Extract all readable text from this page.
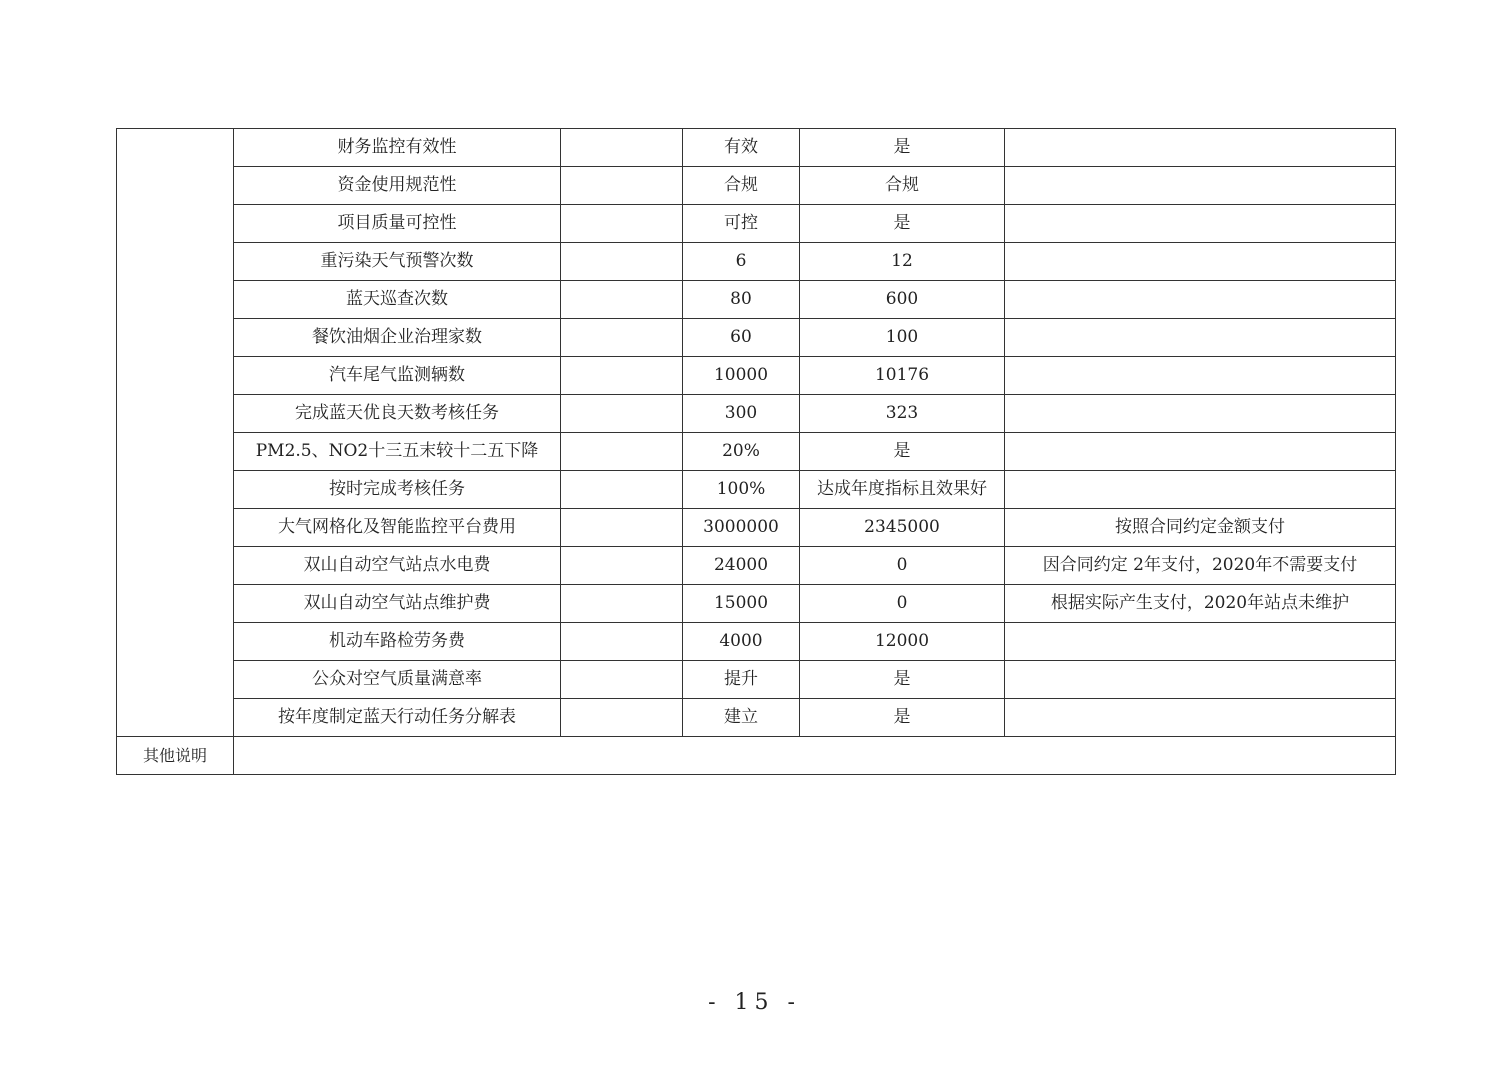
	财务监控有效性		有效	是	
	资金使用规范性		合规	合规	
	项目质量可控性		可控	是	
	重污染天气预警次数		6	12	
	蓝天巡查次数		80	600	
	餐饮油烟企业治理家数		60	100	
	汽车尾气监测辆数		10000	10176	
	完成蓝天优良天数考核任务		300	323	
	PM2.5、NO2十三五末较十二五下降		20%	是	
	按时完成考核任务		100%	达成年度指标且效果好	
	大气网格化及智能监控平台费用		3000000	2345000	按照合同约定金额支付
	双山自动空气站点水电费		24000	0	因合同约定 2年支付，2020年不需要支付
	双山自动空气站点维护费		15000	0	根据实际产生支付，2020年站点未维护
	机动车路检劳务费		4000	12000	
	公众对空气质量满意率		提升	是	
	按年度制定蓝天行动任务分解表		建立	是	
其他说明					
- 15 -
